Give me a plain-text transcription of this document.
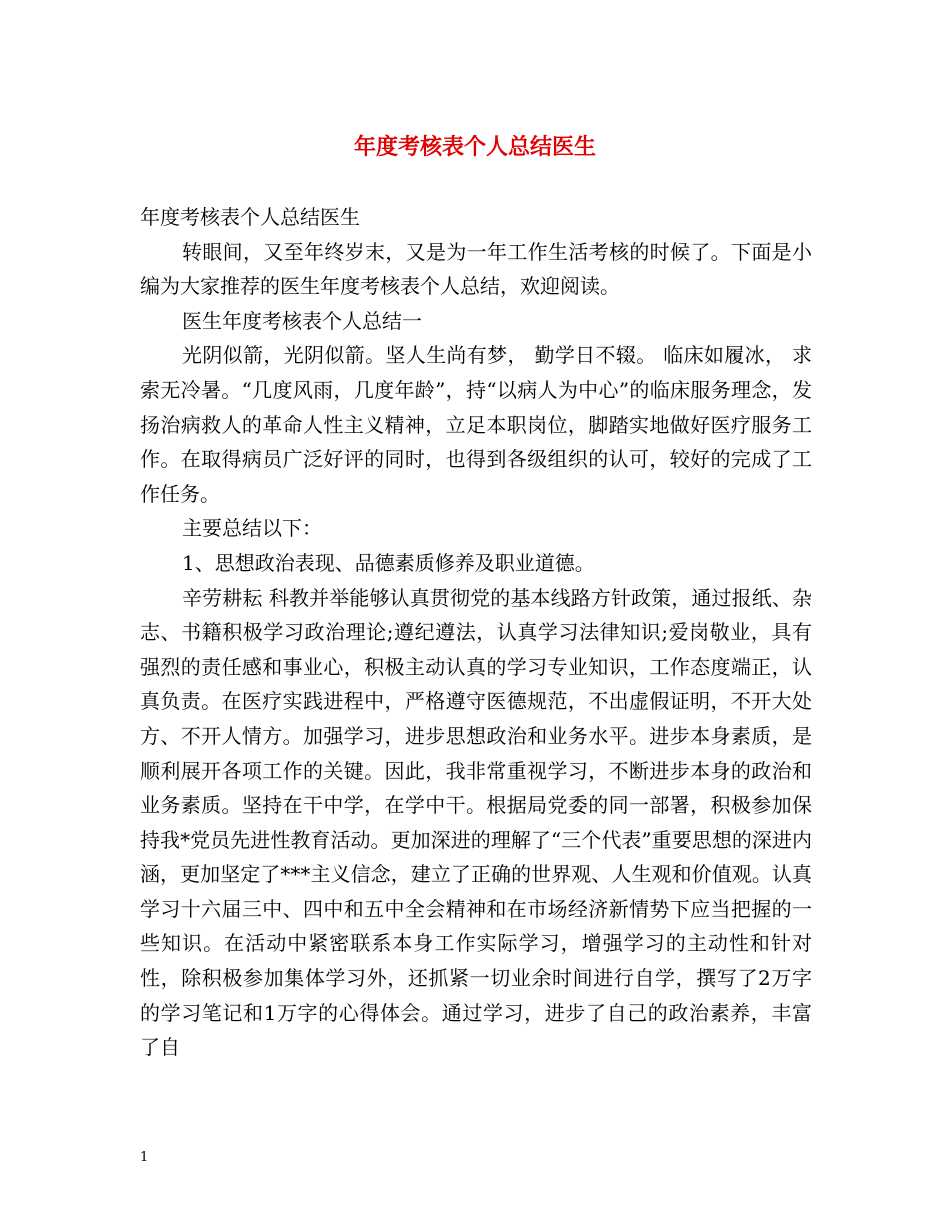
年度考核表个人总结医生

年度考核表个人总结医生

转眼间，又至年终岁末，又是为一年工作生活考核的时候了。下面是小编为大家推荐的医生年度考核表个人总结，欢迎阅读。

医生年度考核表个人总结一

光阴似箭，光阴似箭。坚人生尚有梦， 勤学日不辍。 临床如履冰， 求索无冷暑。“几度风雨，几度年龄”，持“以病人为中心”的临床服务理念，发扬治病救人的革命人性主义精神，立足本职岗位，脚踏实地做好医疗服务工作。在取得病员广泛好评的同时，也得到各级组织的认可，较好的完成了工作任务。

主要总结以下：

1、思想政治表现、品德素质修养及职业道德。

辛劳耕耘 科教并举能够认真贯彻党的基本线路方针政策，通过报纸、杂志、书籍积极学习政治理论;遵纪遵法，认真学习法律知识;爱岗敬业，具有强烈的责任感和事业心，积极主动认真的学习专业知识，工作态度端正，认真负责。在医疗实践进程中，严格遵守医德规范，不出虚假证明，不开大处方、不开人情方。加强学习，进步思想政治和业务水平。进步本身素质，是顺利展开各项工作的关键。因此，我非常重视学习，不断进步本身的政治和业务素质。坚持在干中学，在学中干。根据局党委的同一部署，积极参加保持我*党员先进性教育活动。更加深进的理解了“三个代表”重要思想的深进内涵，更加坚定了***主义信念，建立了正确的世界观、人生观和价值观。认真学习十六届三中、四中和五中全会精神和在市场经济新情势下应当把握的一些知识。在活动中紧密联系本身工作实际学习，增强学习的主动性和针对性，除积极参加集体学习外，还抓紧一切业余时间进行自学，撰写了2万字的学习笔记和1万字的心得体会。通过学习，进步了自己的政治素养，丰富了自

1
